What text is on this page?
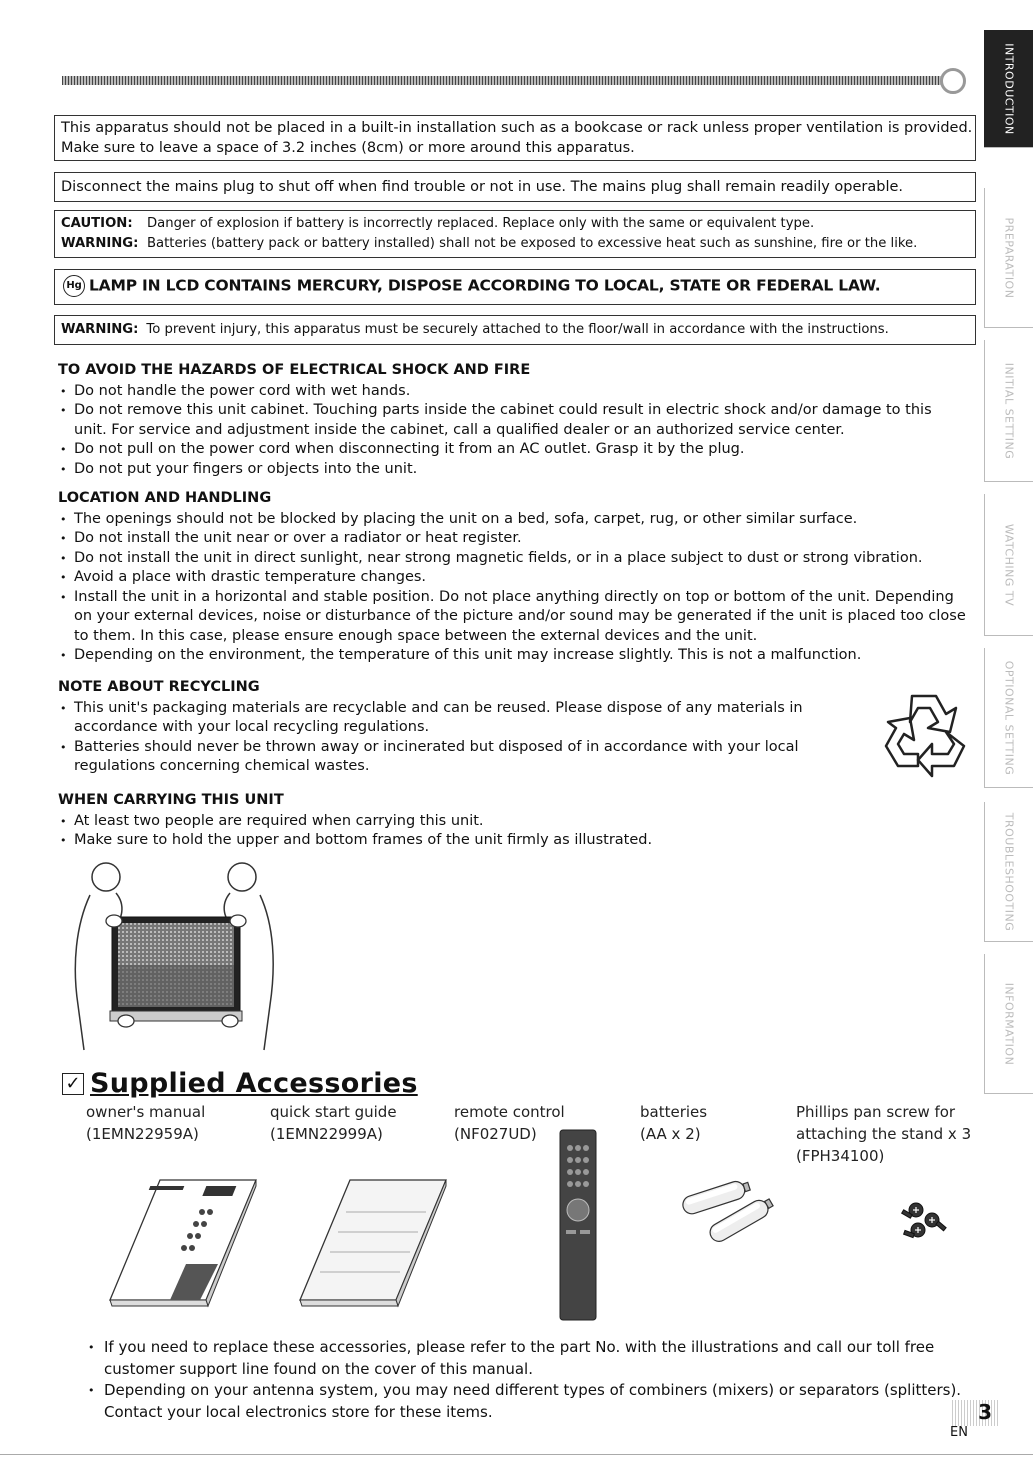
This apparatus should not be placed in a built-in installation such as a bookcase or rack unless proper ventilation is provided.

Make sure to leave a space of 3.2 inches (8cm) or more around this apparatus.

Disconnect the mains plug to shut off when find trouble or not in use. The mains plug shall remain readily operable.

CAUTION: Danger of explosion if battery is incorrectly replaced. Replace only with the same or equivalent type.

WARNING: Batteries (battery pack or battery installed) shall not be exposed to excessive heat such as sunshine, fire or the like.

Hg LAMP IN LCD CONTAINS MERCURY, DISPOSE ACCORDING TO LOCAL, STATE OR FEDERAL LAW.

WARNING: To prevent injury, this apparatus must be securely attached to the floor/wall in accordance with the instructions.

TO AVOID THE HAZARDS OF ELECTRICAL SHOCK AND FIRE
• Do not handle the power cord with wet hands.
• Do not remove this unit cabinet. Touching parts inside the cabinet could result in electric shock and/or damage to this unit. For service and adjustment inside the cabinet, call a qualified dealer or an authorized service center.
• Do not pull on the power cord when disconnecting it from an AC outlet. Grasp it by the plug.
• Do not put your fingers or objects into the unit.
LOCATION AND HANDLING
• The openings should not be blocked by placing the unit on a bed, sofa, carpet, rug, or other similar surface.
• Do not install the unit near or over a radiator or heat register.
• Do not install the unit in direct sunlight, near strong magnetic fields, or in a place subject to dust or strong vibration.
• Avoid a place with drastic temperature changes.
• Install the unit in a horizontal and stable position. Do not place anything directly on top or bottom of the unit. Depending on your external devices, noise or disturbance of the picture and/or sound may be generated if the unit is placed too close to them. In this case, please ensure enough space between the external devices and the unit.
• Depending on the environment, the temperature of this unit may increase slightly. This is not a malfunction.
NOTE ABOUT RECYCLING
• This unit's packaging materials are recyclable and can be reused. Please dispose of any materials in accordance with your local recycling regulations.
• Batteries should never be thrown away or incinerated but disposed of in accordance with your local regulations concerning chemical wastes.
WHEN CARRYING THIS UNIT
• At least two people are required when carrying this unit.
• Make sure to hold the upper and bottom frames of the unit firmly as illustrated.
✓ Supplied Accessories
owner's manual
(1EMN22959A)
quick start guide
(1EMN22999A)
remote control
(NF027UD)
batteries
(AA x 2)
Phillips pan screw for
attaching the stand x 3
(FPH34100)
• If you need to replace these accessories, please refer to the part No. with the illustrations and call our toll free customer support line found on the cover of this manual.
• Depending on your antenna system, you may need different types of combiners (mixers) or separators (splitters). Contact your local electronics store for these items.
INTRODUCTION
PREPARATION
INITIAL SETTING
WATCHING TV
OPTIONAL SETTING
TROUBLESHOOTING
INFORMATION
3
EN
